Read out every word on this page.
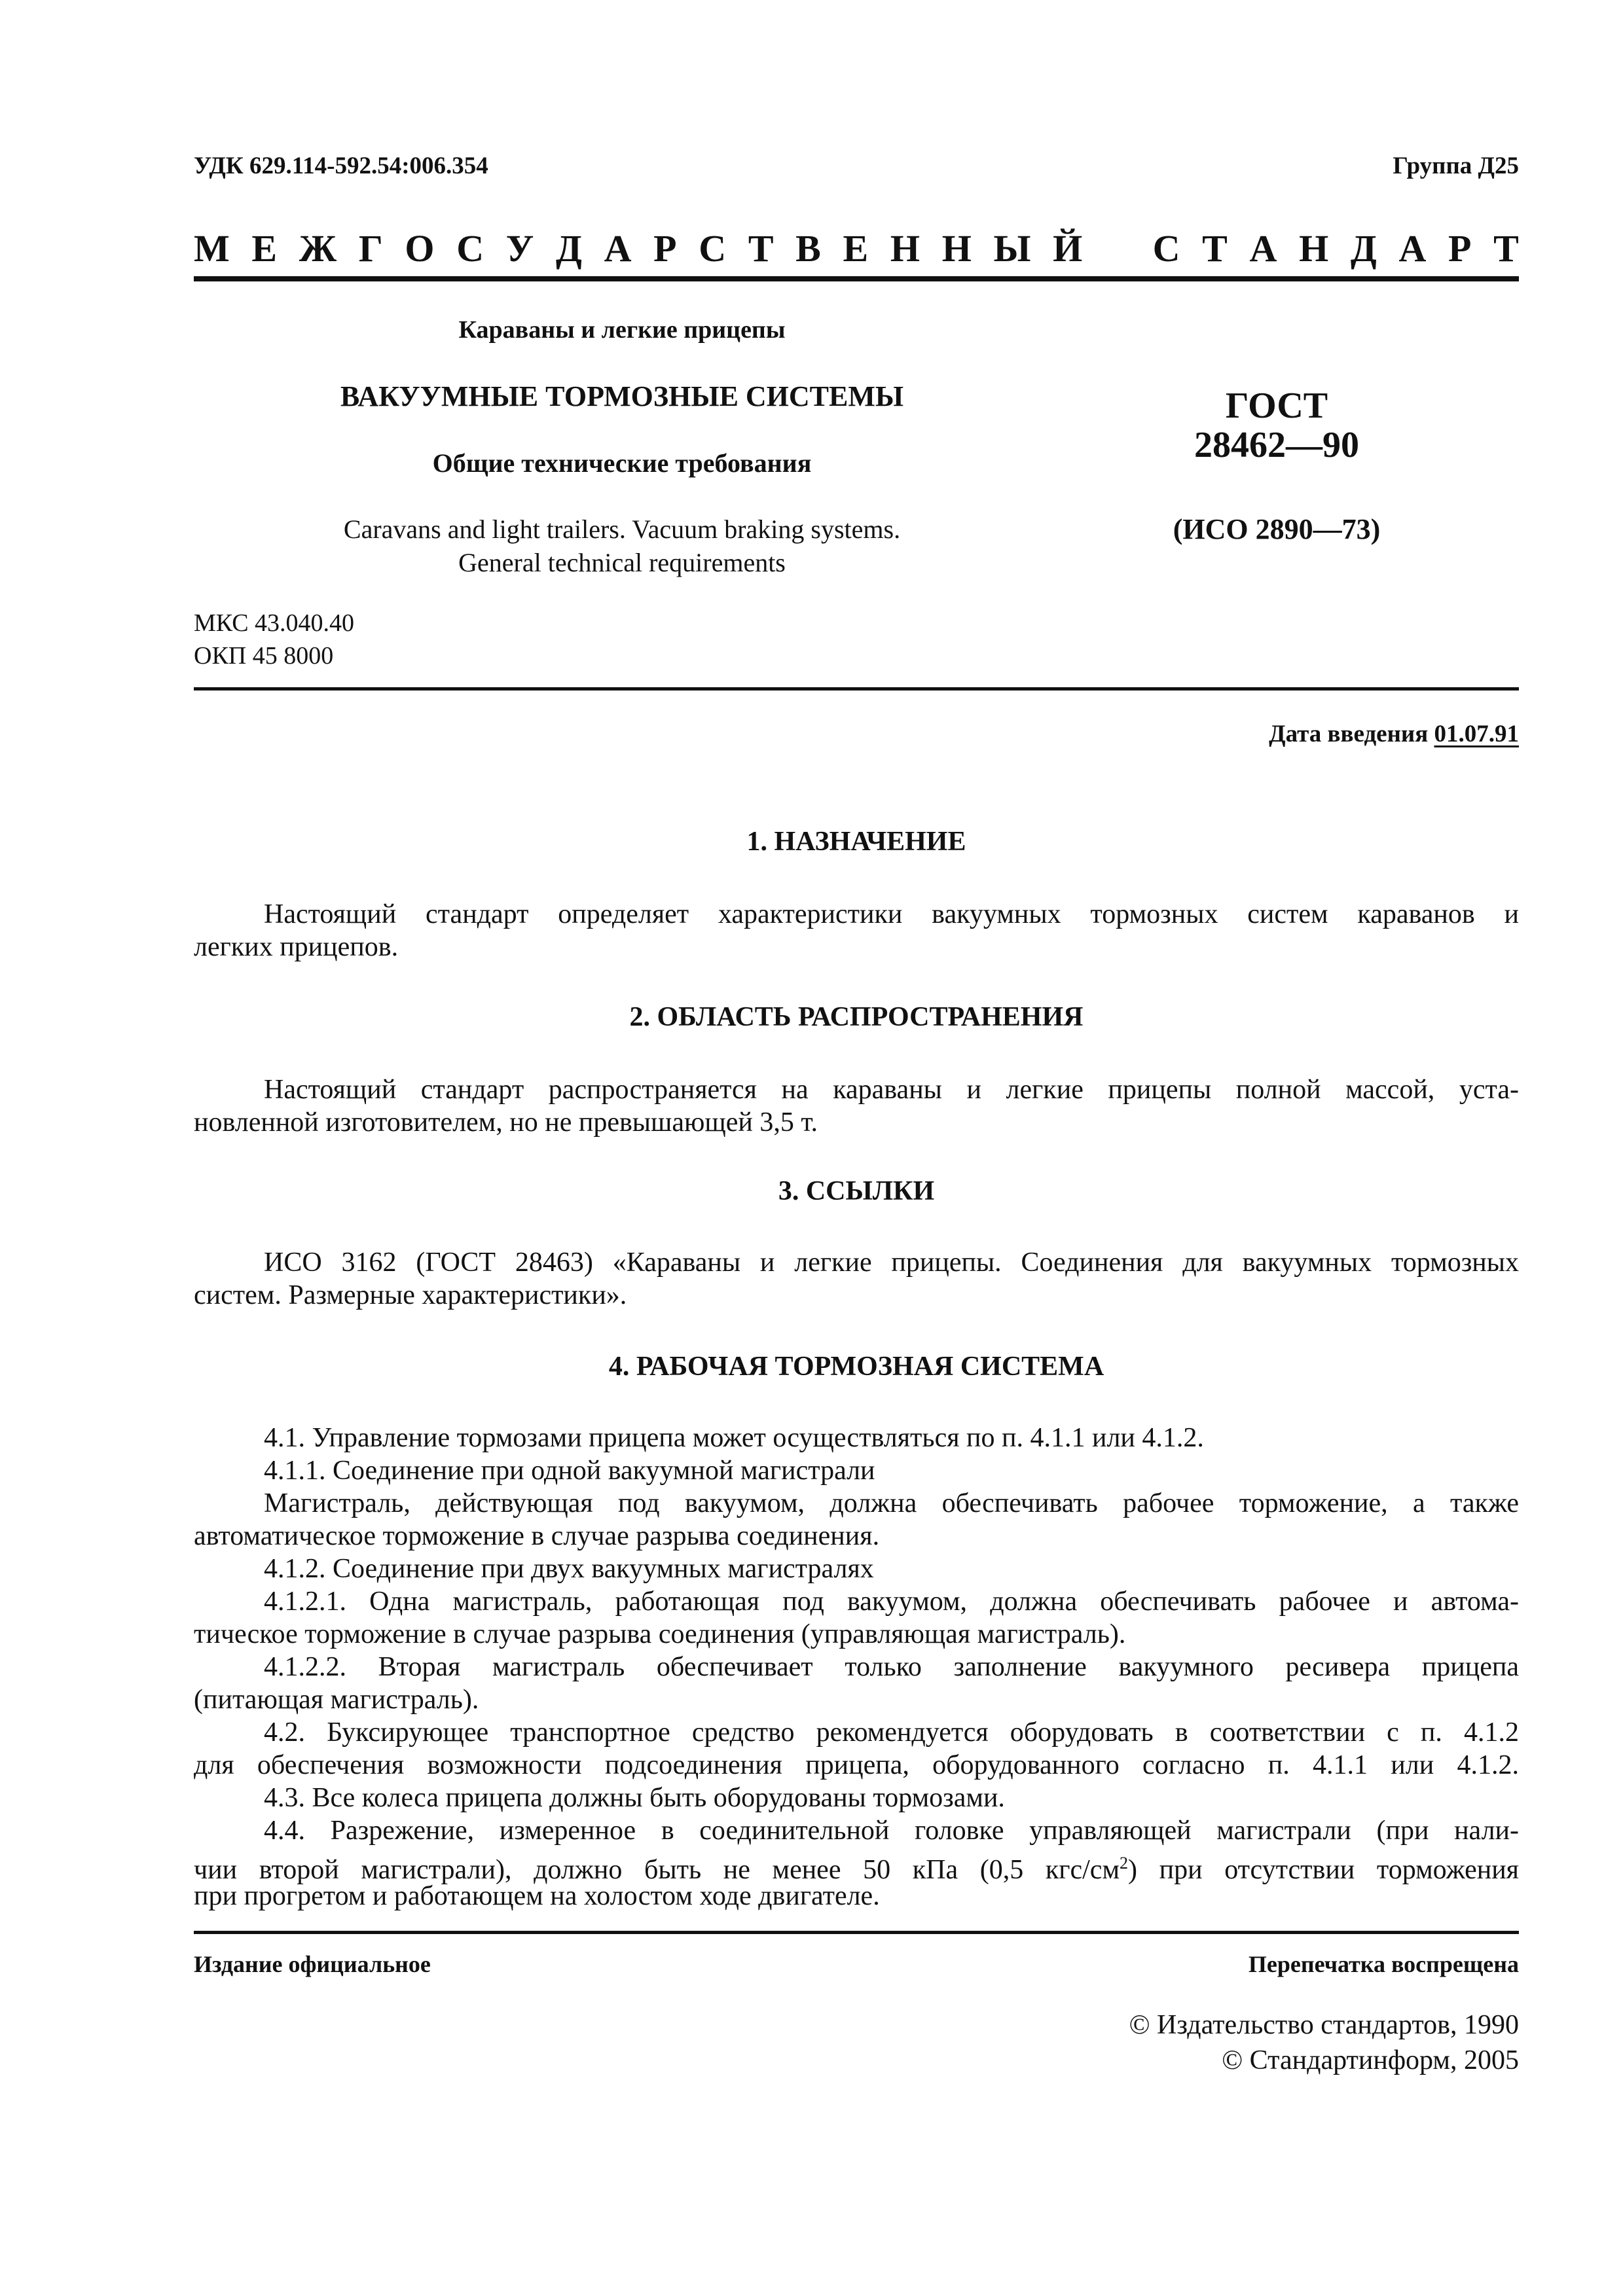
УДК 629.114-592.54:006.354	Группа Д25
М Е Ж Г О С У Д А Р С Т В Е Н Н Ы Й С Т А Н Д А Р Т
Караваны и легкие прицепы
ВАКУУМНЫЕ ТОРМОЗНЫЕ СИСТЕМЫ
Общие технические требования
Caravans and light trailers. Vacuum braking systems.
General technical requirements
ГОСТ
28462—90
(ИСО 2890—73)
МКС 43.040.40
ОКП 45 8000
Дата введения 01.07.91
1. НАЗНАЧЕНИЕ
Настоящий стандарт определяет характеристики вакуумных тормозных систем караванов и
легких прицепов.
2. ОБЛАСТЬ РАСПРОСТРАНЕНИЯ
Настоящий стандарт распространяется на караваны и легкие прицепы полной массой, уста-
новленной изготовителем, но не превышающей 3,5 т.
3. ССЫЛКИ
ИСО 3162 (ГОСТ 28463) «Караваны и легкие прицепы. Соединения для вакуумных тормозных
систем. Размерные характеристики».
4. РАБОЧАЯ ТОРМОЗНАЯ СИСТЕМА
4.1. Управление тормозами прицепа может осуществляться по п. 4.1.1 или 4.1.2.
4.1.1. Соединение при одной вакуумной магистрали
Магистраль, действующая под вакуумом, должна обеспечивать рабочее торможение, а также
автоматическое торможение в случае разрыва соединения.
4.1.2. Соединение при двух вакуумных магистралях
4.1.2.1. Одна магистраль, работающая под вакуумом, должна обеспечивать рабочее и автома-
тическое торможение в случае разрыва соединения (управляющая магистраль).
4.1.2.2. Вторая магистраль обеспечивает только заполнение вакуумного ресивера прицепа
(питающая магистраль).
4.2. Буксирующее транспортное средство рекомендуется оборудовать в соответствии с п. 4.1.2
для обеспечения возможности подсоединения прицепа, оборудованного согласно п. 4.1.1 или 4.1.2.
4.3. Все колеса прицепа должны быть оборудованы тормозами.
4.4. Разрежение, измеренное в соединительной головке управляющей магистрали (при нали-
чии второй магистрали), должно быть не менее 50 кПа (0,5 кгс/$см^2$) при отсутствии торможения
при прогретом и работающем на холостом ходе двигателе.
Издание официальное	Перепечатка воспрещена
© Издательство стандартов, 1990
© Стандартинформ, 2005
